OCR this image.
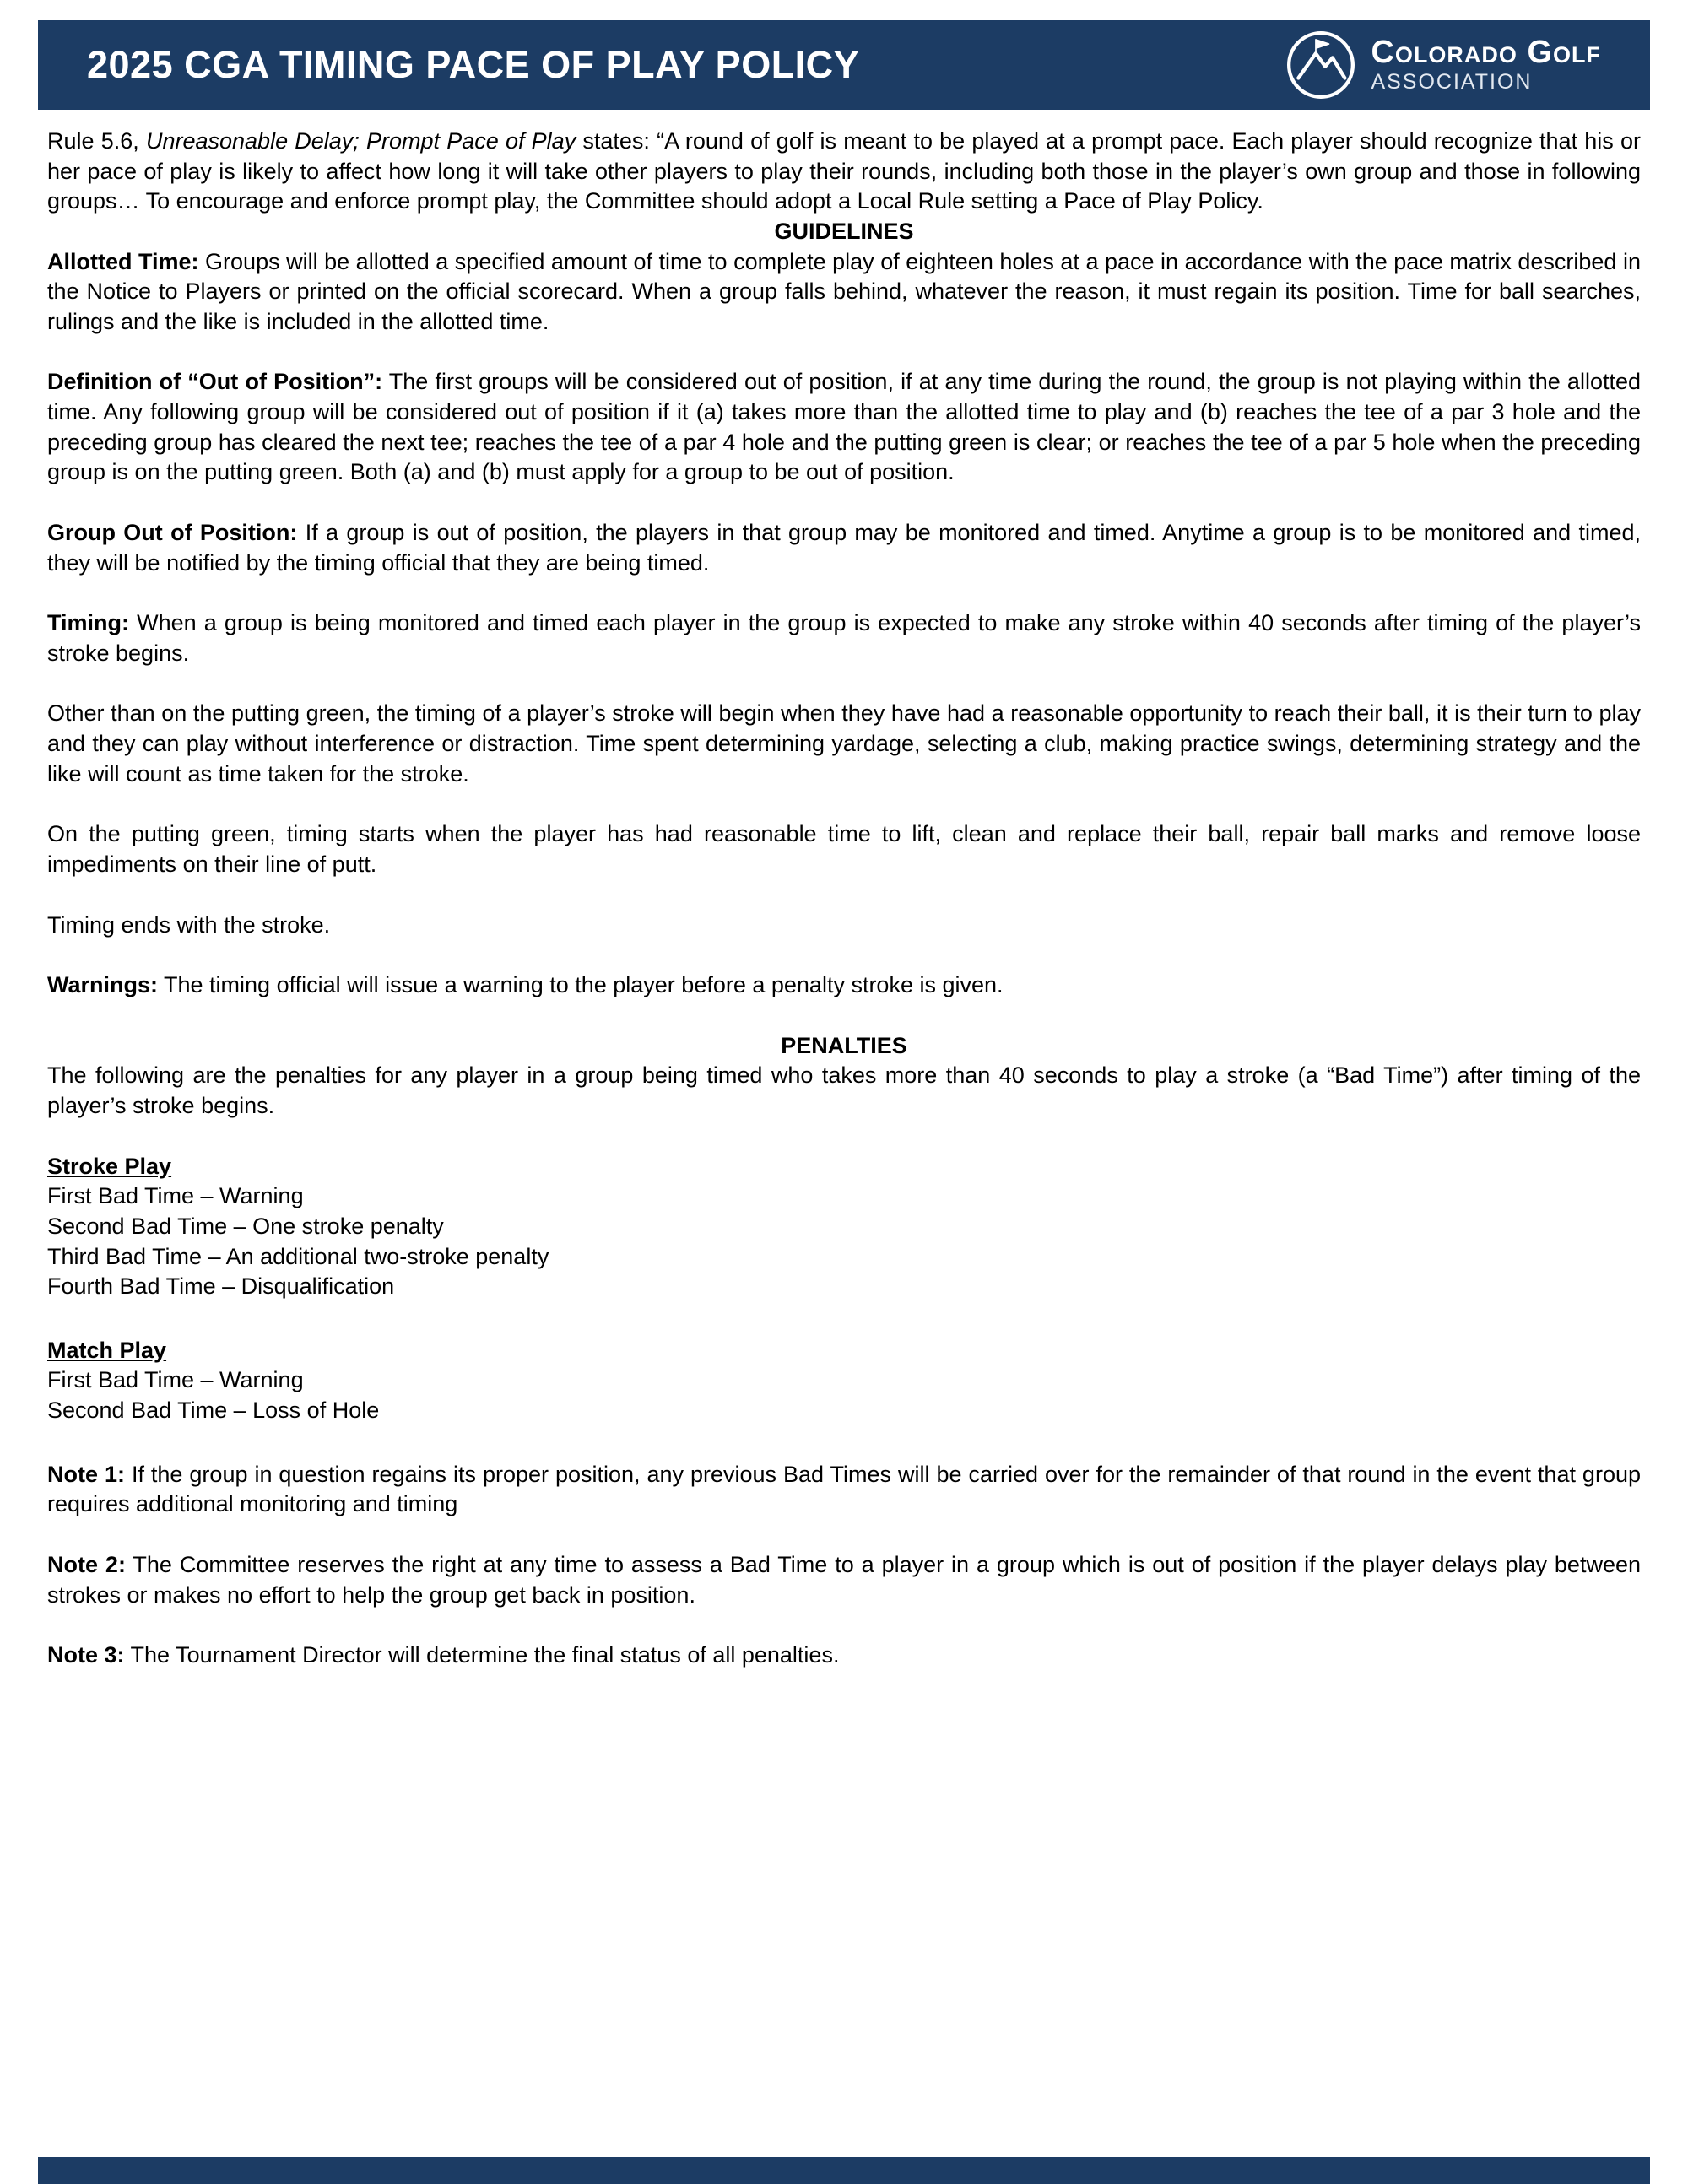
2025 CGA TIMING PACE OF PLAY POLICY	Colorado Golf
ASSOCIATION

Rule 5.6, Unreasonable Delay; Prompt Pace of Play states: “A round of golf is meant to be played at a prompt pace. Each player should recognize that his or her pace of play is likely to affect how long it will take other players to play their rounds, including both those in the player’s own group and those in following groups… To encourage and enforce prompt play, the Committee should adopt a Local Rule setting a Pace of Play Policy.

GUIDELINES

Allotted Time: Groups will be allotted a specified amount of time to complete play of eighteen holes at a pace in accordance with the pace matrix described in the Notice to Players or printed on the official scorecard. When a group falls behind, whatever the reason, it must regain its position. Time for ball searches, rulings and the like is included in the allotted time.

Definition of “Out of Position”: The first groups will be considered out of position, if at any time during the round, the group is not playing within the allotted time. Any following group will be considered out of position if it (a) takes more than the allotted time to play and (b) reaches the tee of a par 3 hole and the preceding group has cleared the next tee; reaches the tee of a par 4 hole and the putting green is clear; or reaches the tee of a par 5 hole when the preceding group is on the putting green. Both (a) and (b) must apply for a group to be out of position.

Group Out of Position: If a group is out of position, the players in that group may be monitored and timed. Anytime a group is to be monitored and timed, they will be notified by the timing official that they are being timed.

Timing: When a group is being monitored and timed each player in the group is expected to make any stroke within 40 seconds after timing of the player’s stroke begins.

Other than on the putting green, the timing of a player’s stroke will begin when they have had a reasonable opportunity to reach their ball, it is their turn to play and they can play without interference or distraction. Time spent determining yardage, selecting a club, making practice swings, determining strategy and the like will count as time taken for the stroke.

On the putting green, timing starts when the player has had reasonable time to lift, clean and replace their ball, repair ball marks and remove loose impediments on their line of putt.

Timing ends with the stroke.

Warnings: The timing official will issue a warning to the player before a penalty stroke is given.

PENALTIES

The following are the penalties for any player in a group being timed who takes more than 40 seconds to play a stroke (a “Bad Time”) after timing of the player’s stroke begins.

Stroke Play
First Bad Time – Warning
Second Bad Time – One stroke penalty
Third Bad Time – An additional two-stroke penalty
Fourth Bad Time – Disqualification
Match Play
First Bad Time – Warning
Second Bad Time – Loss of Hole

Note 1: If the group in question regains its proper position, any previous Bad Times will be carried over for the remainder of that round in the event that group requires additional monitoring and timing

Note 2: The Committee reserves the right at any time to assess a Bad Time to a player in a group which is out of position if the player delays play between strokes or makes no effort to help the group get back in position.

Note 3: The Tournament Director will determine the final status of all penalties.
